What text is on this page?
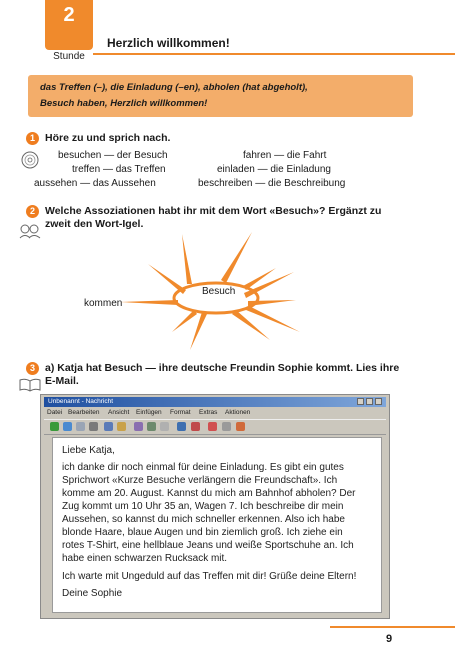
2
Stunde
Herzlich willkommen!
das Treffen (–), die Einladung (–en), abholen (hat abgeholt),
Besuch haben, Herzlich willkommen!
1 Höre zu und sprich nach.
besuchen — der Besuch
treffen — das Treffen
aussehen — das Aussehen
fahren — die Fahrt
einladen — die Einladung
beschreiben — die Beschreibung
2 Welche Assoziationen habt ihr mit dem Wort «Besuch»? Ergänzt zu
zweit den Wort-Igel.
Besuch
kommen
3 a) Katja hat Besuch — ihre deutsche Freundin Sophie kommt. Lies ihre
E-Mail.
Unbenannt - Nachricht
Datei Bearbeiten Ansicht Einfügen Format Extras Aktionen
Liebe Katja,
ich danke dir noch einmal für deine Einladung. Es gibt ein gutes
Sprichwort «Kurze Besuche verlängern die Freundschaft». Ich
komme am 20. August. Kannst du mich am Bahnhof abholen? Der
Zug kommt um 10 Uhr 35 an, Wagen 7. Ich beschreibe dir mein
Aussehen, so kannst du mich schneller erkennen. Also ich habe
blonde Haare, blaue Augen und bin ziemlich groß. Ich ziehe ein
rotes T-Shirt, eine hellblaue Jeans und weiße Sportschuhe an. Ich
habe einen schwarzen Rucksack mit.
Ich warte mit Ungeduld auf das Treffen mit dir! Grüße deine Eltern!
Deine Sophie
9
